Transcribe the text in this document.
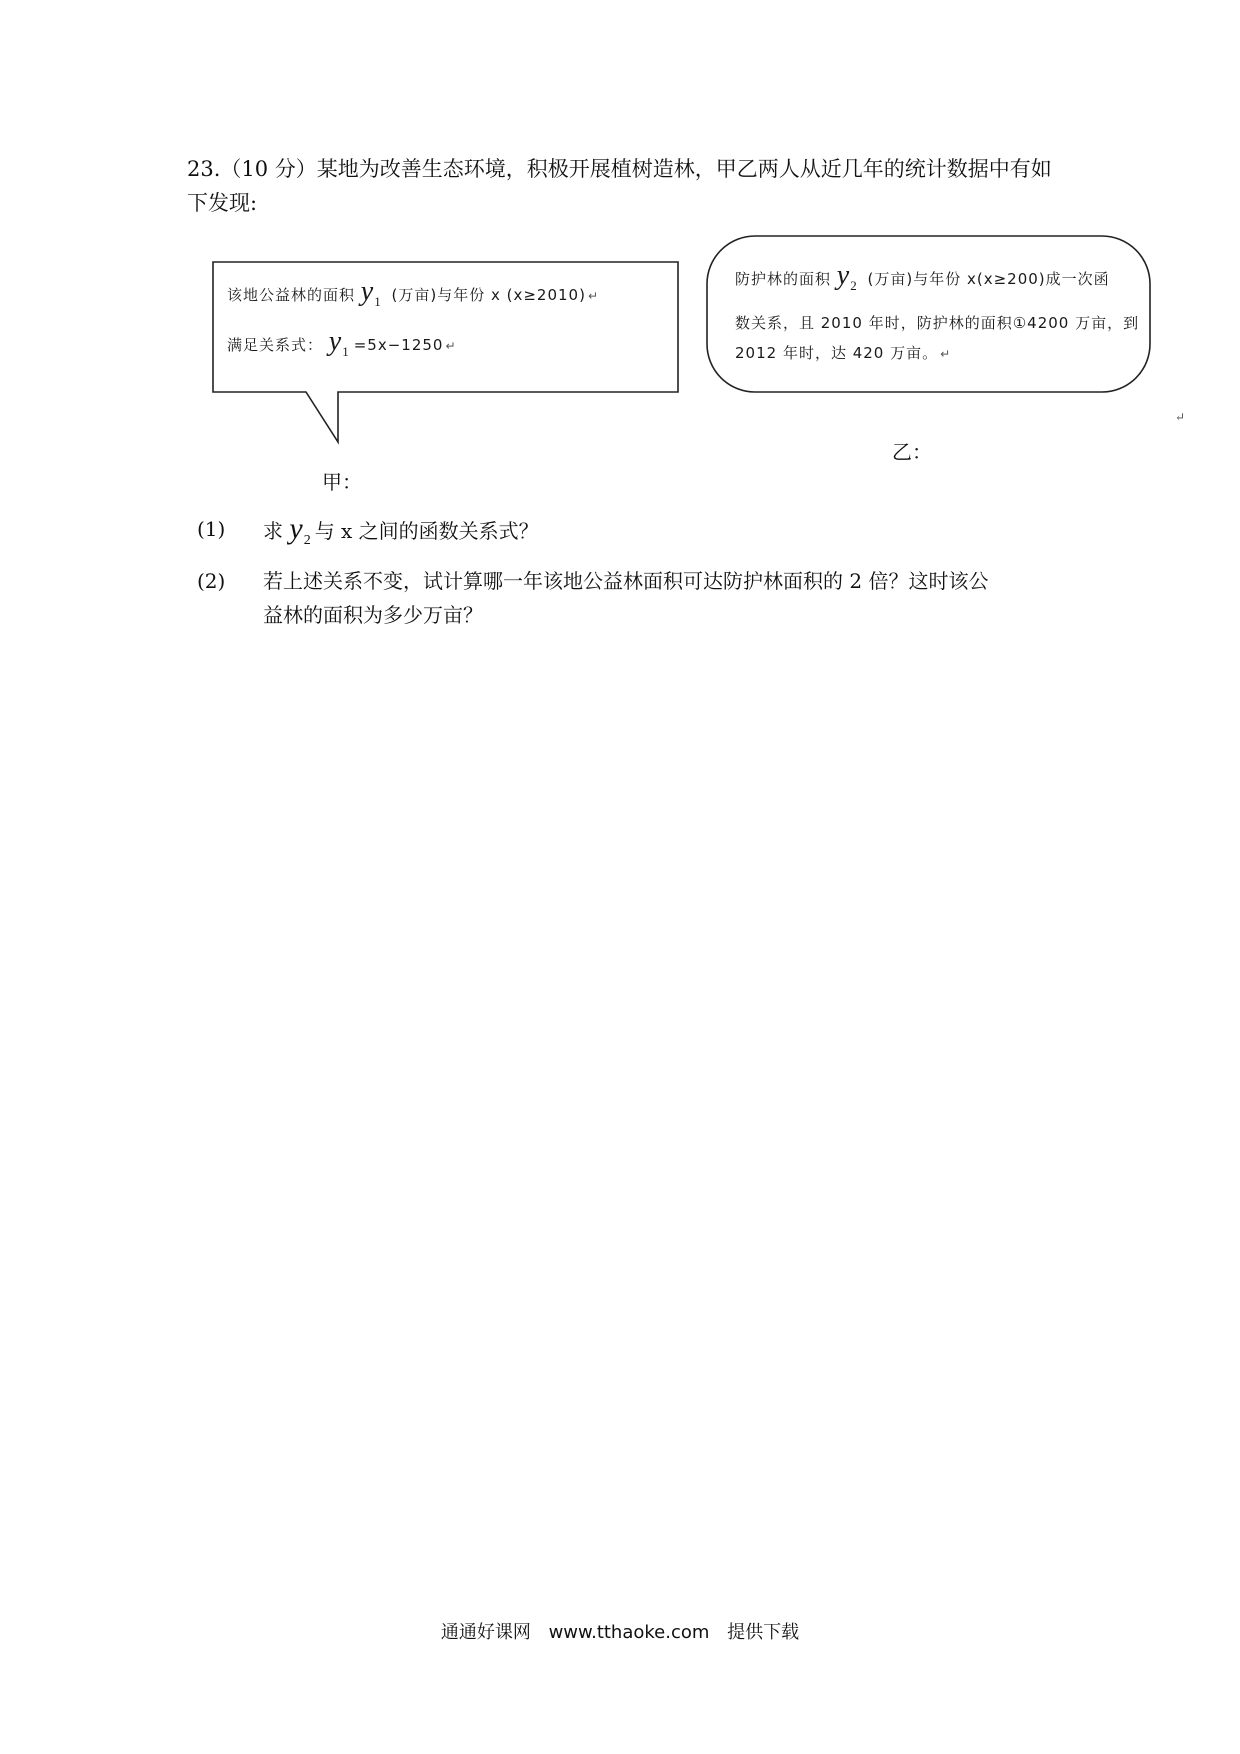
23.（10 分）某地为改善生态环境，积极开展植树造林，甲乙两人从近几年的统计数据中有如下发现:
该地公益林的面积 y1 (万亩)与年份 x (x≥2010) ↵
满足关系式： y1 =5x−1250 ↵
防护林的面积 y2 (万亩)与年份 x(x≥200)成一次函
数关系，且 2010 年时，防护林的面积①4200 万亩，到
2012 年时，达 420 万亩。 ↵
↵
乙：
甲：
(1) 求 $y_2$ 与 x 之间的函数关系式？
(2) 若上述关系不变，试计算哪一年该地公益林面积可达防护林面积的 2 倍？这时该公
益林的面积为多少万亩？
通通好课网 www.tthaoke.com 提供下载
